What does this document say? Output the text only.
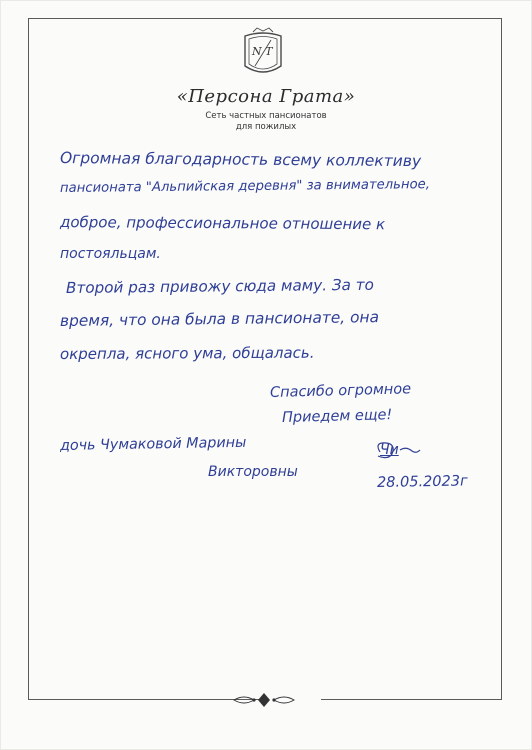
N T
«Персона Грата»
Сеть частных пансионатов
для пожилых
Огромная благодарность всему коллективу
пансионата "Альпийская деревня" за внимательное,
доброе, профессиональное отношение к
постояльцам.
Второй раз привожу сюда маму. За то
время, что она была в пансионате, она
окрепла, ясного ума, общалась.
Спасибо огромное
Приедем еще!
дочь Чумаковой Марины
Викторовны
Чи
28.05.2023г
